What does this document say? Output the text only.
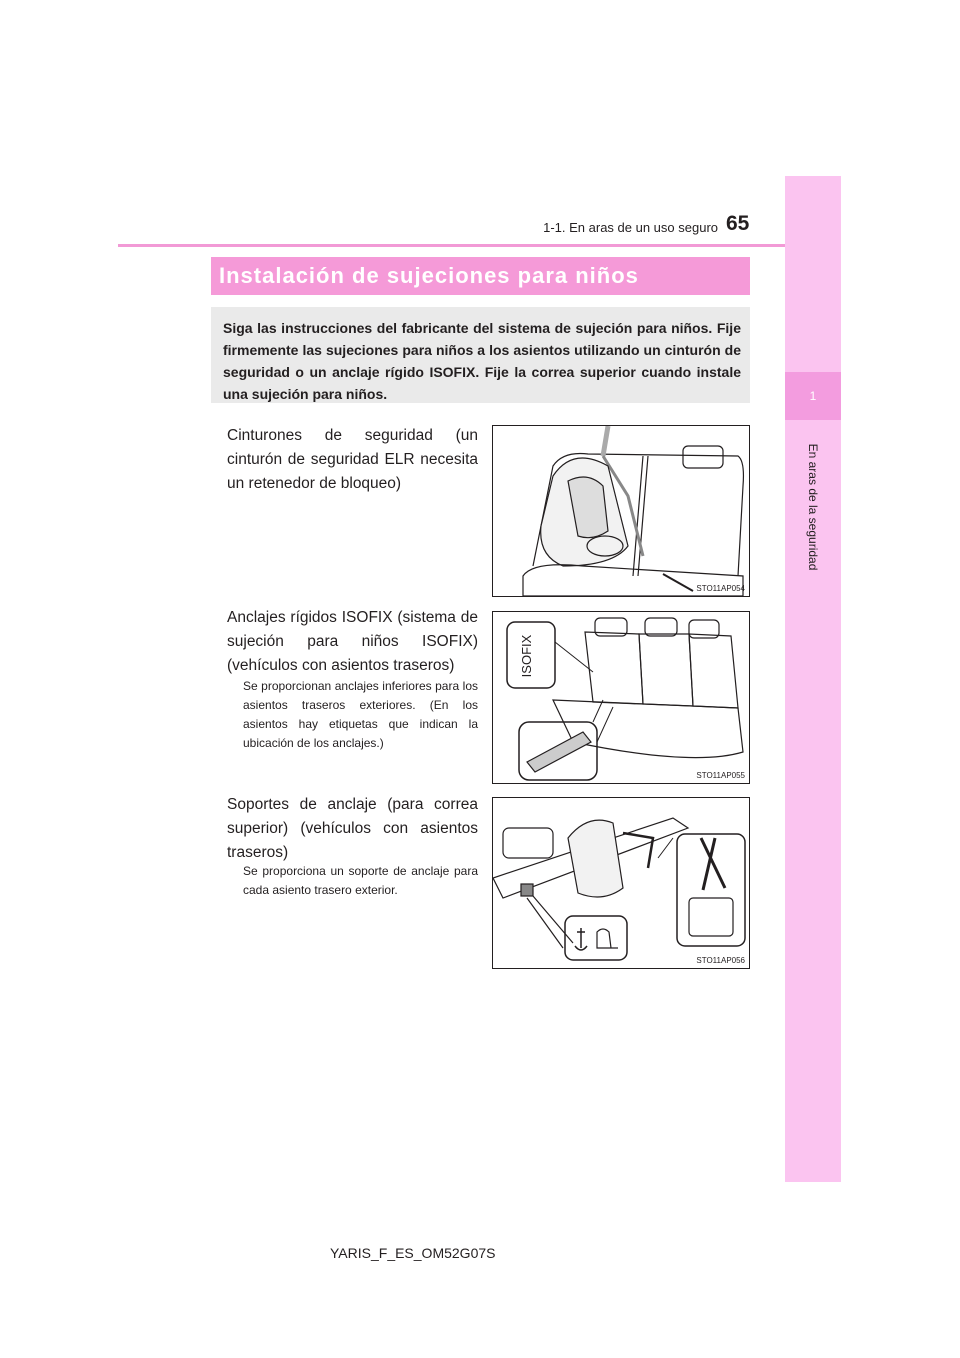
1-1. En aras de un uso seguro 65
1
En aras de la seguridad
Instalación de sujeciones para niños

Siga las instrucciones del fabricante del sistema de sujeción para niños. Fije firmemente las sujeciones para niños a los asientos utilizando un cinturón de seguridad o un anclaje rígido ISOFIX. Fije la correa superior cuando instale una sujeción para niños.

Cinturones de seguridad (un cinturón de seguridad ELR necesita un retenedor de bloqueo)

STO11AP054

Anclajes rígidos ISOFIX (sistema de sujeción para niños ISOFIX) (vehículos con asientos traseros)

Se proporcionan anclajes inferiores para los asientos traseros exteriores. (En los asientos hay etiquetas que indican la ubicación de los anclajes.)

ISOFIX
STO11AP055

Soportes de anclaje (para correa superior) (vehículos con asientos traseros)

Se proporciona un soporte de anclaje para cada asiento trasero exterior.

STO11AP056
YARIS_F_ES_OM52G07S
